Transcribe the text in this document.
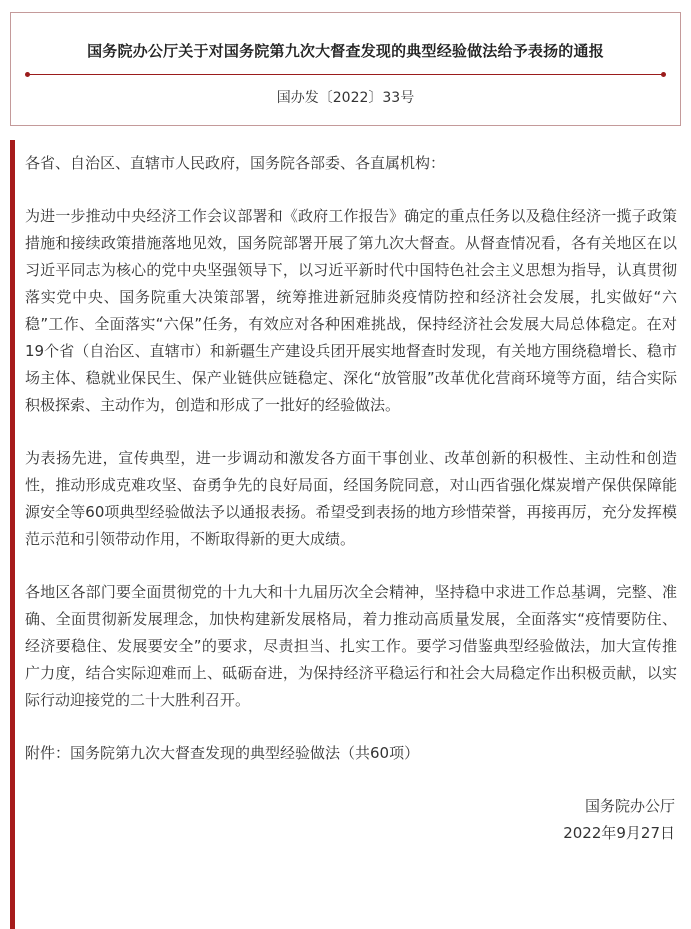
国务院办公厅关于对国务院第九次大督查发现的典型经验做法给予表扬的通报
国办发〔2022〕33号

各省、自治区、直辖市人民政府，国务院各部委、各直属机构：

为进一步推动中央经济工作会议部署和《政府工作报告》确定的重点任务以及稳住经济一揽子政策措施和接续政策措施落地见效，国务院部署开展了第九次大督查。从督查情况看，各有关地区在以习近平同志为核心的党中央坚强领导下，以习近平新时代中国特色社会主义思想为指导，认真贯彻落实党中央、国务院重大决策部署，统筹推进新冠肺炎疫情防控和经济社会发展，扎实做好“六稳”工作、全面落实“六保”任务，有效应对各种困难挑战，保持经济社会发展大局总体稳定。在对19个省（自治区、直辖市）和新疆生产建设兵团开展实地督查时发现，有关地方围绕稳增长、稳市场主体、稳就业保民生、保产业链供应链稳定、深化“放管服”改革优化营商环境等方面，结合实际积极探索、主动作为，创造和形成了一批好的经验做法。

为表扬先进，宣传典型，进一步调动和激发各方面干事创业、改革创新的积极性、主动性和创造性，推动形成克难攻坚、奋勇争先的良好局面，经国务院同意，对山西省强化煤炭增产保供保障能源安全等60项典型经验做法予以通报表扬。希望受到表扬的地方珍惜荣誉，再接再厉，充分发挥模范示范和引领带动作用，不断取得新的更大成绩。

各地区各部门要全面贯彻党的十九大和十九届历次全会精神，坚持稳中求进工作总基调，完整、准确、全面贯彻新发展理念，加快构建新发展格局，着力推动高质量发展，全面落实“疫情要防住、经济要稳住、发展要安全”的要求，尽责担当、扎实工作。要学习借鉴典型经验做法，加大宣传推广力度，结合实际迎难而上、砥砺奋进，为保持经济平稳运行和社会大局稳定作出积极贡献，以实际行动迎接党的二十大胜利召开。

附件：国务院第九次大督查发现的典型经验做法（共60项）

国务院办公厅
2022年9月27日
